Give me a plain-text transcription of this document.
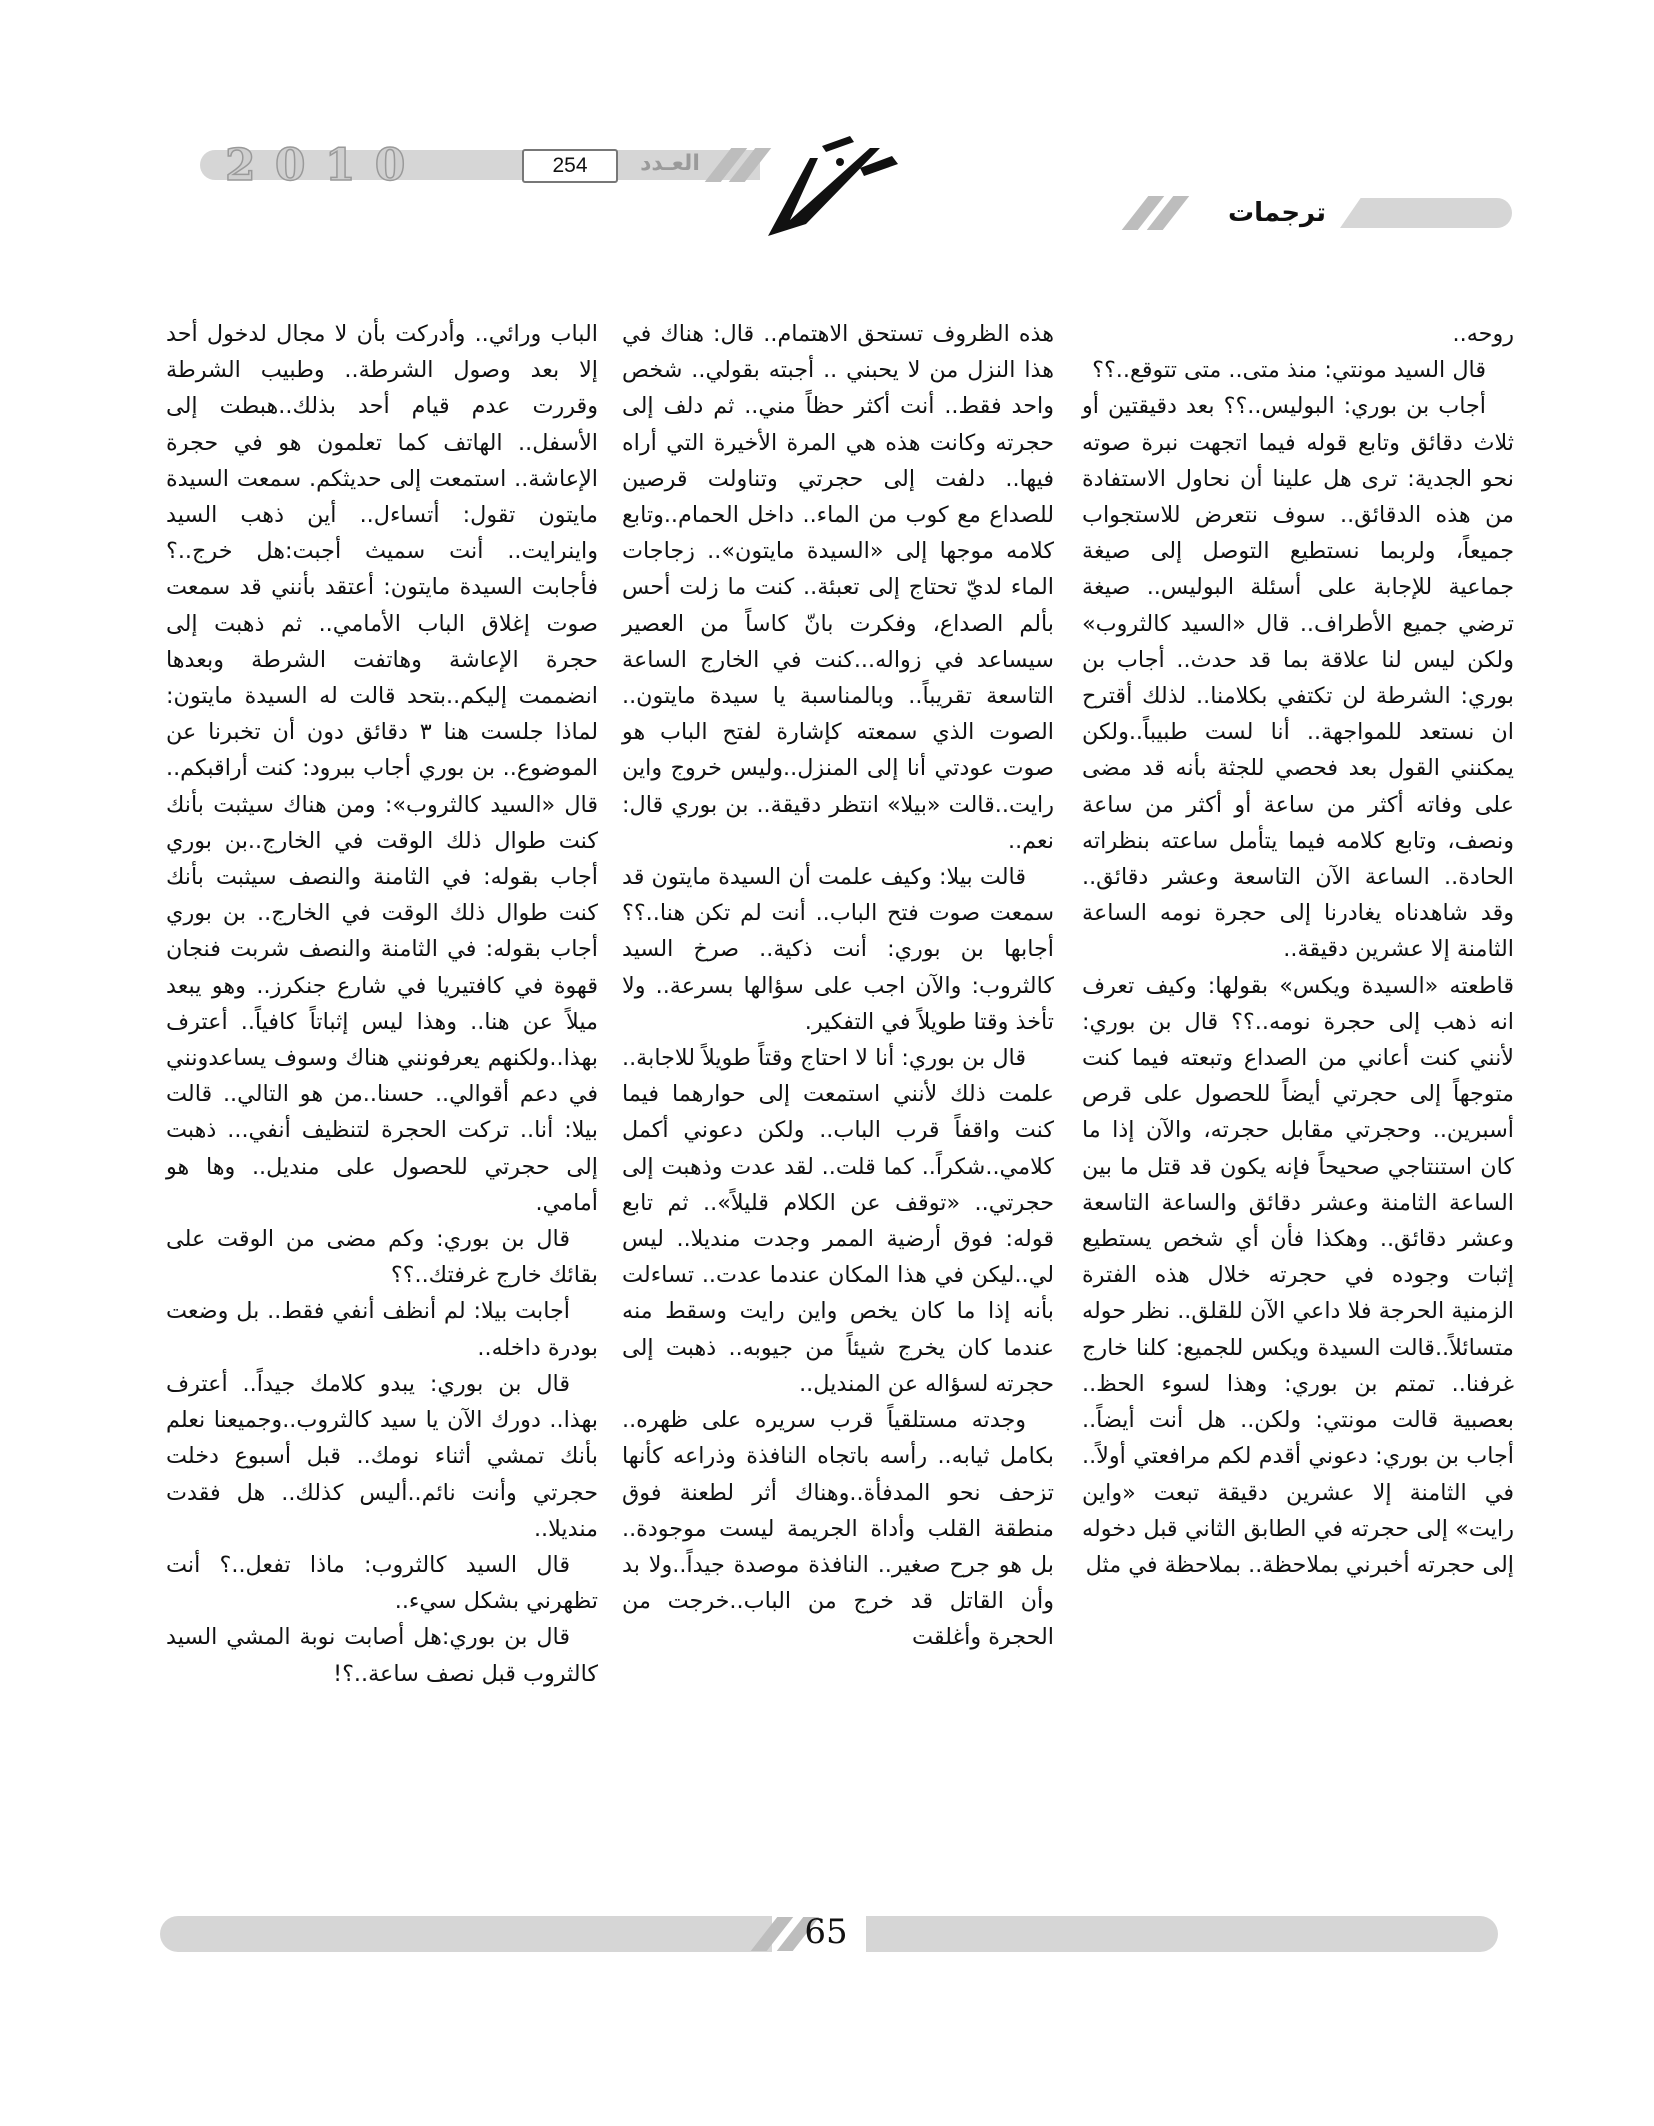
2 0 1 0	254	العـدد
ترجمات

روحه..

قال السيد مونتي: منذ متى.. متى تتوقع..؟؟

أجاب بن بوري: البوليس..؟؟ بعد دقيقتين أو ثلاث دقائق وتابع قوله فيما اتجهت نبرة صوته نحو الجدية: ترى هل علينا أن نحاول الاستفادة من هذه الدقائق.. سوف نتعرض للاستجواب جميعاً، ولربما نستطيع التوصل إلى صيغة جماعية للإجابة على أسئلة البوليس.. صيغة ترضي جميع الأطراف.. قال «السيد كالثروب» ولكن ليس لنا علاقة بما قد حدث.. أجاب بن بوري: الشرطة لن تكتفي بكلامنا.. لذلك أقترح ان نستعد للمواجهة.. أنا لست طبيباً..ولكن يمكنني القول بعد فحصي للجثة بأنه قد مضى على وفاته أكثر من ساعة أو أكثر من ساعة ونصف، وتابع كلامه فيما يتأمل ساعته بنظراته الحادة.. الساعة الآن التاسعة وعشر دقائق.. وقد شاهدناه يغادرنا إلى حجرة نومه الساعة الثامنة إلا عشرين دقيقة..

قاطعته «السيدة ويكس» بقولها: وكيف تعرف انه ذهب إلى حجرة نومه..؟؟ قال بن بوري: لأنني كنت أعاني من الصداع وتبعته فيما كنت متوجهاً إلى حجرتي أيضاً للحصول على قرص أسبرين.. وحجرتي مقابل حجرته، والآن إذا ما كان استنتاجي صحيحاً فإنه يكون قد قتل ما بين الساعة الثامنة وعشر دقائق والساعة التاسعة وعشر دقائق.. وهكذا فأن أي شخص يستطيع إثبات وجوده في حجرته خلال هذه الفترة الزمنية الحرجة فلا داعي الآن للقلق.. نظر حوله متسائلاً..قالت السيدة ويكس للجميع: كلنا خارج غرفنا.. تمتم بن بوري: وهذا لسوء الحظ.. بعصبية قالت مونتي: ولكن.. هل أنت أيضاً.. أجاب بن بوري: دعوني أقدم لكم مرافعتي أولاً.. في الثامنة إلا عشرين دقيقة تبعت «واين رايت» إلى حجرته في الطابق الثاني قبل دخوله إلى حجرته أخبرني بملاحظة.. بملاحظة في مثل

هذه الظروف تستحق الاهتمام.. قال: هناك في هذا النزل من لا يحبني .. أجبته بقولي.. شخص واحد فقط.. أنت أكثر حظاً مني.. ثم دلف إلى حجرته وكانت هذه هي المرة الأخيرة التي أراه فيها.. دلفت إلى حجرتي وتناولت قرصين للصداع مع كوب من الماء.. داخل الحمام..وتابع كلامه موجها إلى «السيدة مايتون».. زجاجات الماء لديّ تحتاج إلى تعبئة.. كنت ما زلت أحس بألم الصداع، وفكرت بانّ كاساً من العصير سيساعد في زواله...كنت في الخارج الساعة التاسعة تقريباً.. وبالمناسبة يا سيدة مايتون.. الصوت الذي سمعته كإشارة لفتح الباب هو صوت عودتي أنا إلى المنزل..وليس خروج واين رايت..قالت «بيلا» انتظر دقيقة.. بن بوري قال: نعم..

قالت بيلا: وكيف علمت أن السيدة مايتون قد سمعت صوت فتح الباب.. أنت لم تكن هنا..؟؟ أجابها بن بوري: أنت ذكية.. صرخ السيد كالثروب: والآن اجب على سؤالها بسرعة.. ولا تأخذ وقتا طويلاً في التفكير.

قال بن بوري: أنا لا احتاج وقتاً طويلاً للاجابة.. علمت ذلك لأنني استمعت إلى حوارهما فيما كنت واقفاً قرب الباب.. ولكن دعوني أكمل كلامي..شكراً.. كما قلت.. لقد عدت وذهبت إلى حجرتي.. «توقف عن الكلام قليلاً».. ثم تابع قوله: فوق أرضية الممر وجدت منديلا.. ليس لي..ليكن في هذا المكان عندما عدت.. تساءلت بأنه إذا ما كان يخص واين رايت وسقط منه عندما كان يخرج شيئاً من جيوبه.. ذهبت إلى حجرته لسؤاله عن المنديل..

وجدته مستلقياً قرب سريره على ظهره.. بكامل ثيابه.. رأسه باتجاه النافذة وذراعه كأنها تزحف نحو المدفأة..وهناك أثر لطعنة فوق منطقة القلب وأداة الجريمة ليست موجودة.. بل هو جرح صغير.. النافذة موصدة جيداً..ولا بد وأن القاتل قد خرج من الباب..خرجت من الحجرة وأغلقت

الباب ورائي.. وأدركت بأن لا مجال لدخول أحد إلا بعد وصول الشرطة.. وطبيب الشرطة وقررت عدم قيام أحد بذلك..هبطت إلى الأسفل.. الهاتف كما تعلمون هو في حجرة الإعاشة.. استمعت إلى حديثكم. سمعت السيدة مايتون تقول: أتساءل.. أين ذهب السيد واينرايت.. أنت سميث أجبت:هل خرج..؟ فأجابت السيدة مايتون: أعتقد بأنني قد سمعت صوت إغلاق الباب الأمامي.. ثم ذهبت إلى حجرة الإعاشة وهاتفت الشرطة وبعدها انضممت إليكم..بتحد قالت له السيدة مايتون: لماذا جلست هنا ٣ دقائق دون أن تخبرنا عن الموضوع.. بن بوري أجاب ببرود: كنت أراقبكم.. قال «السيد كالثروب»: ومن هناك سيثبت بأنك كنت طوال ذلك الوقت في الخارج..بن بوري أجاب بقوله: في الثامنة والنصف سيثبت بأنك كنت طوال ذلك الوقت في الخارج.. بن بوري أجاب بقوله: في الثامنة والنصف شربت فنجان قهوة في كافتيريا في شارع جنكرز.. وهو يبعد ميلاً عن هنا.. وهذا ليس إثباتاً كافياً.. أعترف بهذا..ولكنهم يعرفونني هناك وسوف يساعدونني في دعم أقوالي.. حسنا..من هو التالي.. قالت بيلا: أنا.. تركت الحجرة لتنظيف أنفي... ذهبت إلى حجرتي للحصول على منديل.. وها هو أمامي.

قال بن بوري: وكم مضى من الوقت على بقائك خارج غرفتك..؟؟

أجابت بيلا: لم أنظف أنفي فقط.. بل وضعت بودرة داخله..

قال بن بوري: يبدو كلامك جيداً.. أعترف بهذا.. دورك الآن يا سيد كالثروب..وجميعنا نعلم بأنك تمشي أثناء نومك.. قبل أسبوع دخلت حجرتي وأنت نائم..أليس كذلك.. هل فقدت منديلا..

قال السيد كالثروب: ماذا تفعل..؟ أنت تظهرني بشكل سيء..

قال بن بوري:هل أصابت نوبة المشي السيد كالثروب قبل نصف ساعة..؟!

65
